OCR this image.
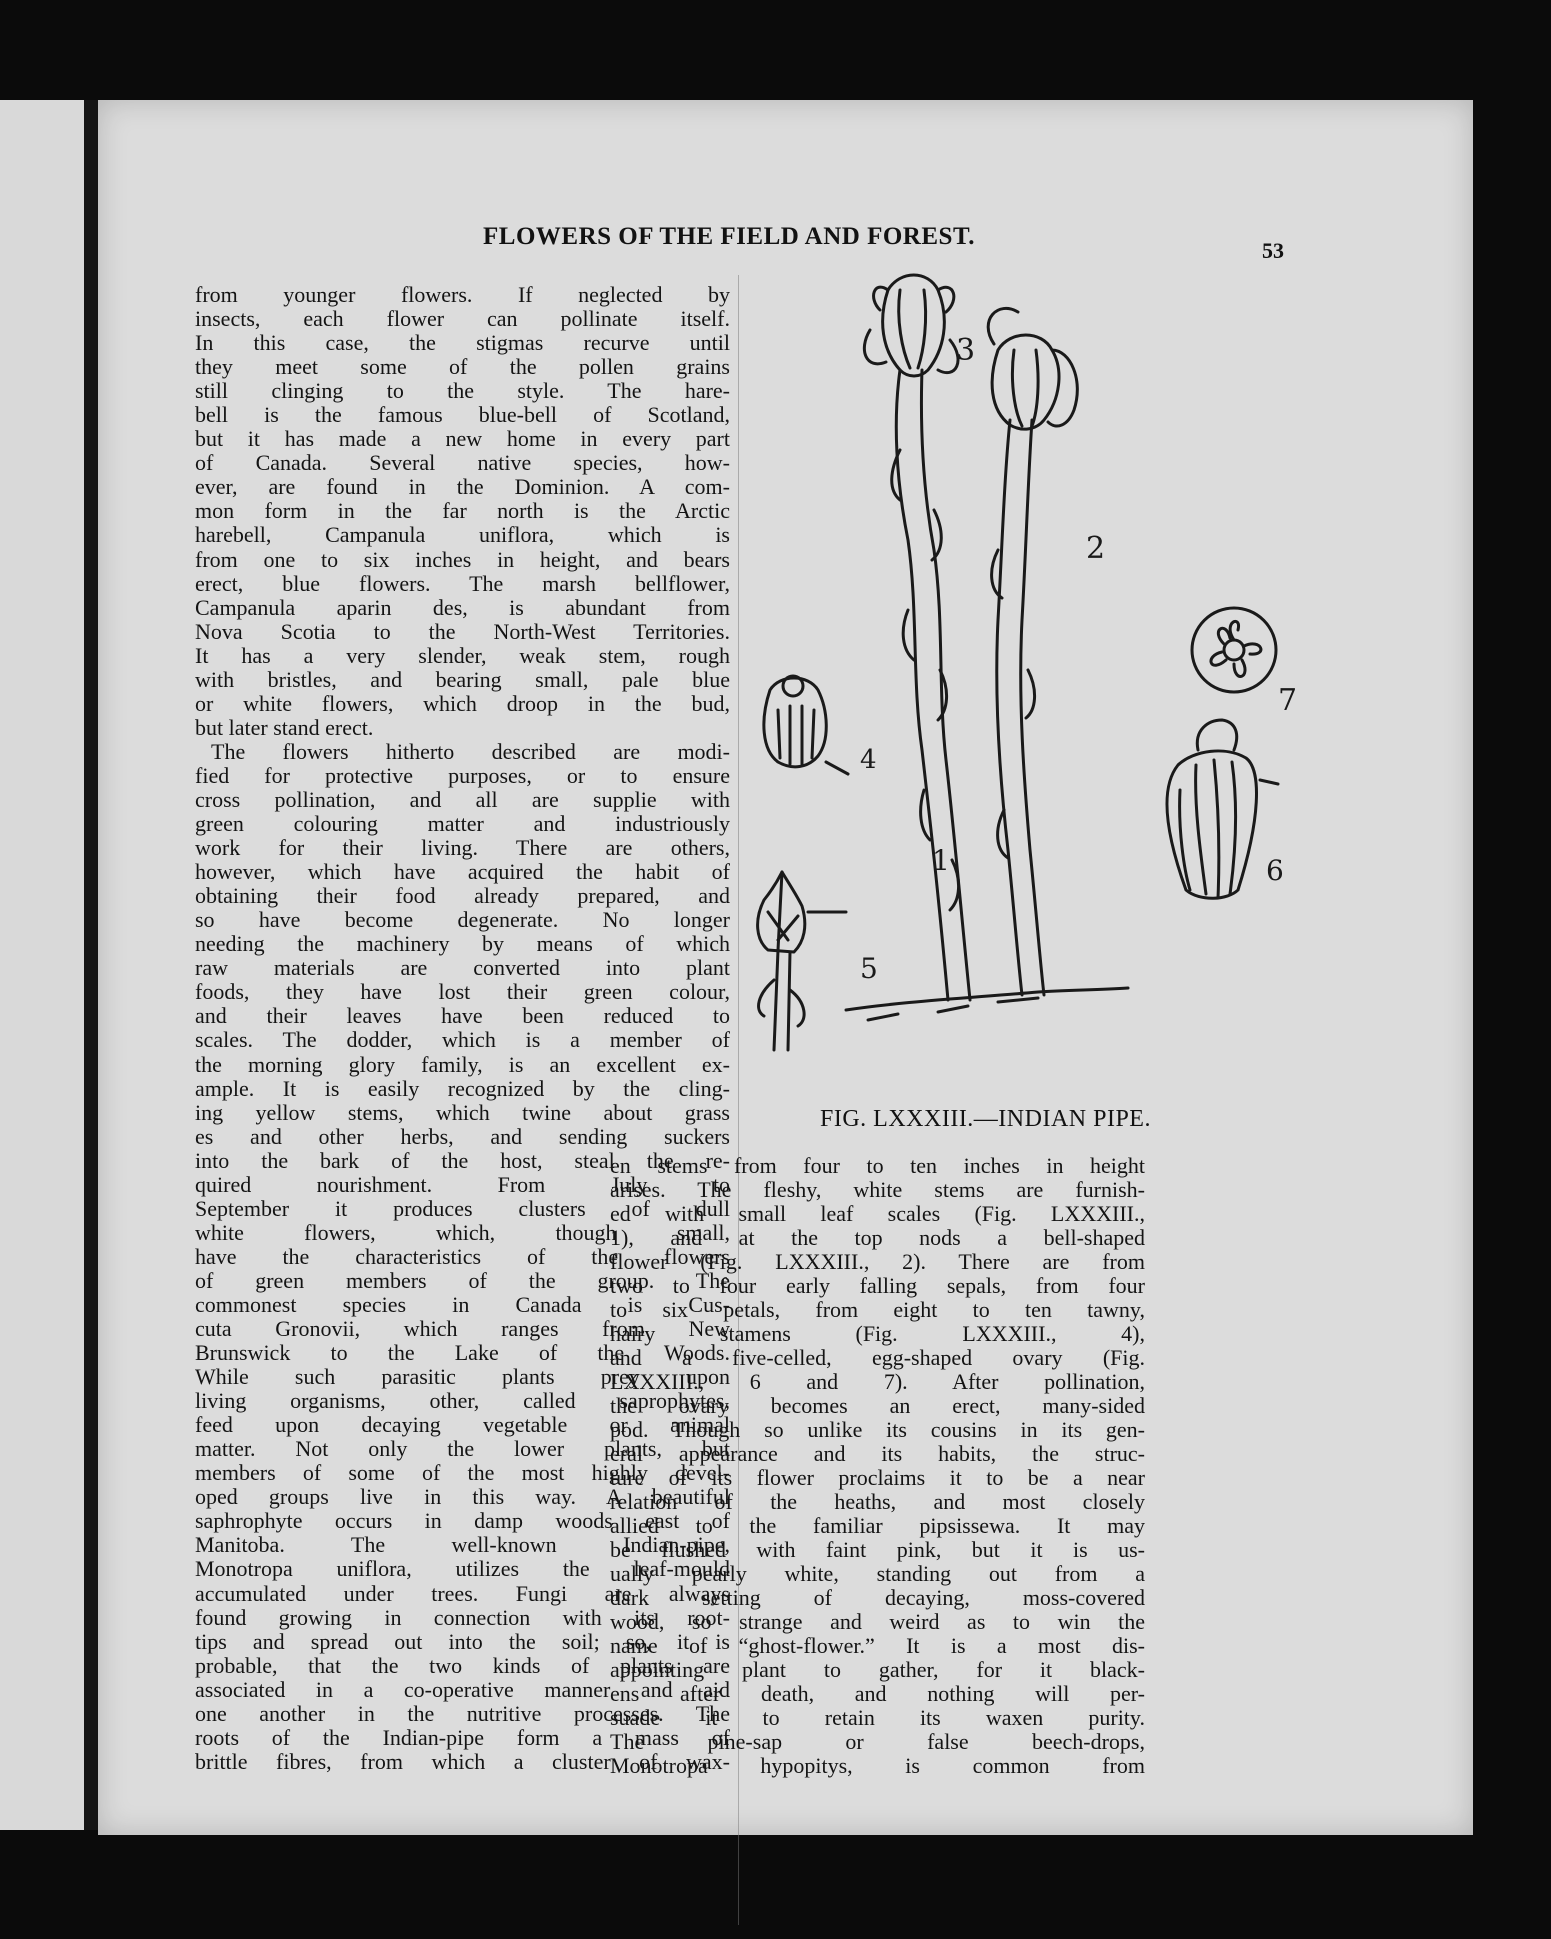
FLOWERS OF THE FIELD AND FOREST.
53
from younger flowers. If neglected by
insects, each flower can pollinate itself.
In this case, the stigmas recurve until
they meet some of the pollen grains
still clinging to the style. The hare-
bell is the famous blue-bell of Scotland,
but it has made a new home in every part
of Canada. Several native species, how-
ever, are found in the Dominion. A com-
mon form in the far north is the Arctic
harebell, Campanula uniflora, which is
from one to six inches in height, and bears
erect, blue flowers. The marsh bellflower,
Campanula aparin des, is abundant from
Nova Scotia to the North-West Territories.
It has a very slender, weak stem, rough
with bristles, and bearing small, pale blue
or white flowers, which droop in the bud,
but later stand erect.
The flowers hitherto described are modi-
fied for protective purposes, or to ensure
cross pollination, and all are supplie with
green colouring matter and industriously
work for their living. There are others,
however, which have acquired the habit of
obtaining their food already prepared, and
so have become degenerate. No longer
needing the machinery by means of which
raw materials are converted into plant
foods, they have lost their green colour,
and their leaves have been reduced to
scales. The dodder, which is a member of
the morning glory family, is an excellent ex-
ample. It is easily recognized by the cling-
ing yellow stems, which twine about grass
es and other herbs, and sending suckers
into the bark of the host, steal the re-
quired nourishment. From July to
September it produces clusters of dull
white flowers, which, though small,
have the characteristics of the flowers
of green members of the group. The
commonest species in Canada is Cus-
cuta Gronovii, which ranges from New
Brunswick to the Lake of the Woods.
While such parasitic plants prey upon
living organisms, other, called saprophytes,
feed upon decaying vegetable or animal
matter. Not only the lower plants, but
members of some of the most highly devel-
oped groups live in this way. A beautiful
saphrophyte occurs in damp woods east of
Manitoba. The well-known Indian-pipe,
Monotropa uniflora, utilizes the leaf-mould
accumulated under trees. Fungi are always
found growing in connection with its root-
tips and spread out into the soil; so, it is
probable, that the two kinds of plants are
associated in a co-operative manner and aid
one another in the nutritive processes. The
roots of the Indian-pipe form a mass of
brittle fibres, from which a cluster of wax-
3
2
7
4
1	6
5
FIG. LXXXIII.—INDIAN PIPE.
en stems from four to ten inches in height
arises. The fleshy, white stems are furnish-
ed with small leaf scales (Fig. LXXXIII.,
1), and at the top nods a bell-shaped
flower (Fig. LXXXIII., 2). There are from
two to four early falling sepals, from four
to six petals, from eight to ten tawny,
hairy stamens (Fig. LXXXIII., 4),
and a five-celled, egg-shaped ovary (Fig.
LXXXIII., 6 and 7). After pollination,
the ovary becomes an erect, many-sided
pod. Though so unlike its cousins in its gen-
eral appearance and its habits, the struc-
ture of its flower proclaims it to be a near
relation of the heaths, and most closely
allied to the familiar pipsissewa. It may
be flushed with faint pink, but it is us-
ually pearly white, standing out from a
dark setting of decaying, moss-covered
wood, so strange and weird as to win the
name of “ghost-flower.” It is a most dis-
appointing plant to gather, for it black-
ens after death, and nothing will per-
suade it to retain its waxen purity.
The pine-sap or false beech-drops,
Monotropa hypopitys, is common from
